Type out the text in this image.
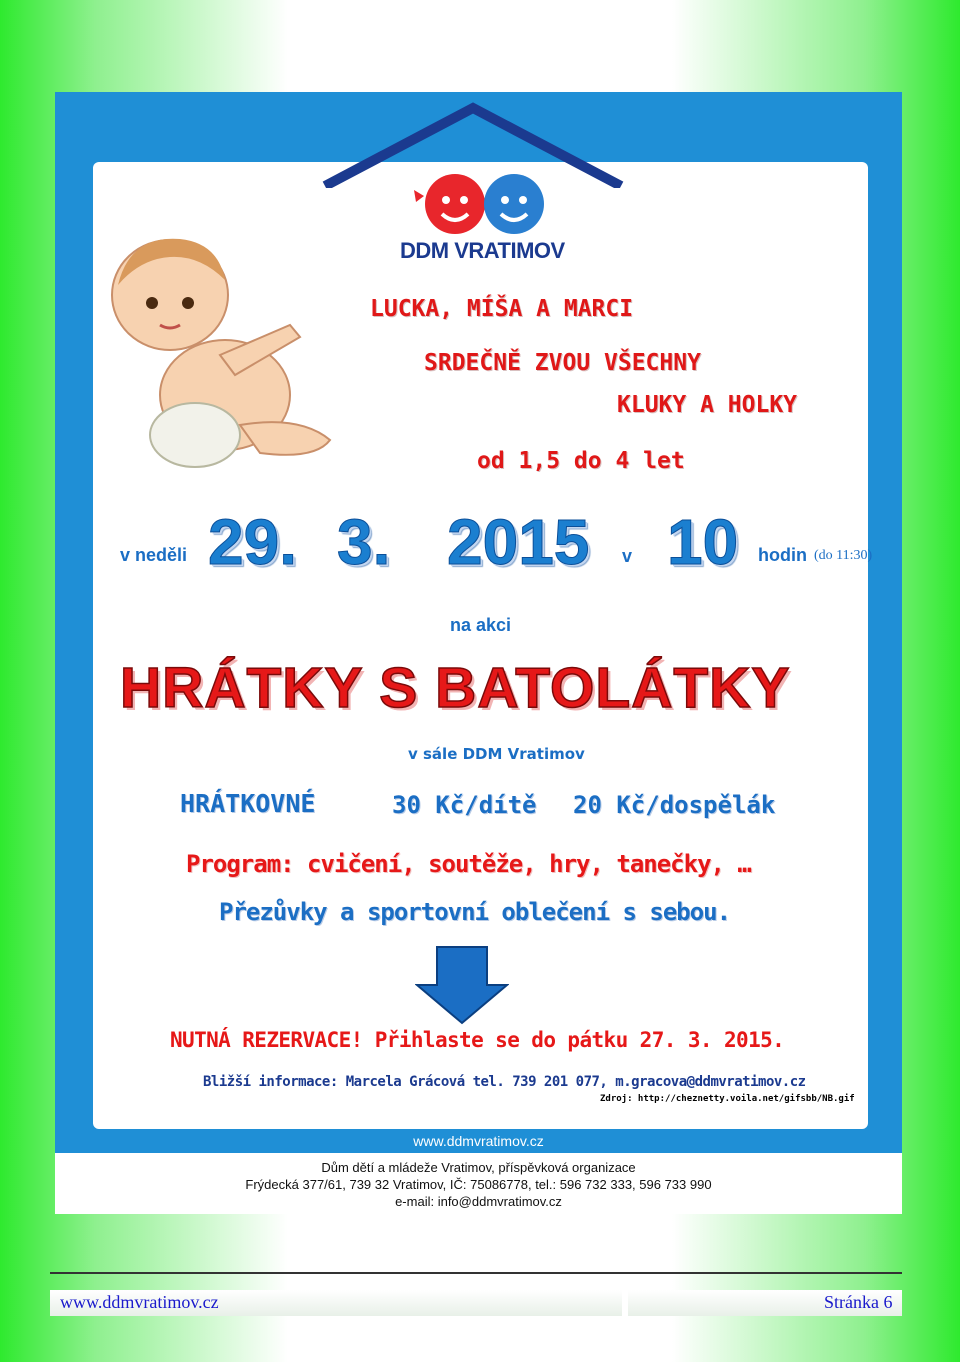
DDM VRATIMOV
LUCKA, MÍŠA A MARCI
SRDEČNĚ ZVOU VŠECHNY
KLUKY A HOLKY
od 1,5 do 4 let
v neděli 29. 3. 2015 v 10 hodin (do 11:30)
na akci
HRÁTKY S BATOLÁTKY
v sále DDM Vratimov
HRÁTKOVNÉ	30 Kč/dítě 20 Kč/dospělák
Program: cvičení, soutěže, hry, tanečky, …
Přezůvky a sportovní oblečení s sebou.
NUTNÁ REZERVACE! Přihlaste se do pátku 27. 3. 2015.
Bližší informace: Marcela Grácová tel. 739 201 077, m.gracova@ddmvratimov.cz
www.ddmvratimov.cz
Dům dětí a mládeže Vratimov, příspěvková organizace
Frýdecká 377/61, 739 32 Vratimov, IČ: 75086778, tel.: 596 732 333, 596 733 990
e-mail: info@ddmvratimov.cz
Zdroj: http://cheznetty.voila.net/gifsbb/NB.gif
www.ddmvratimov.cz	Stránka 6
